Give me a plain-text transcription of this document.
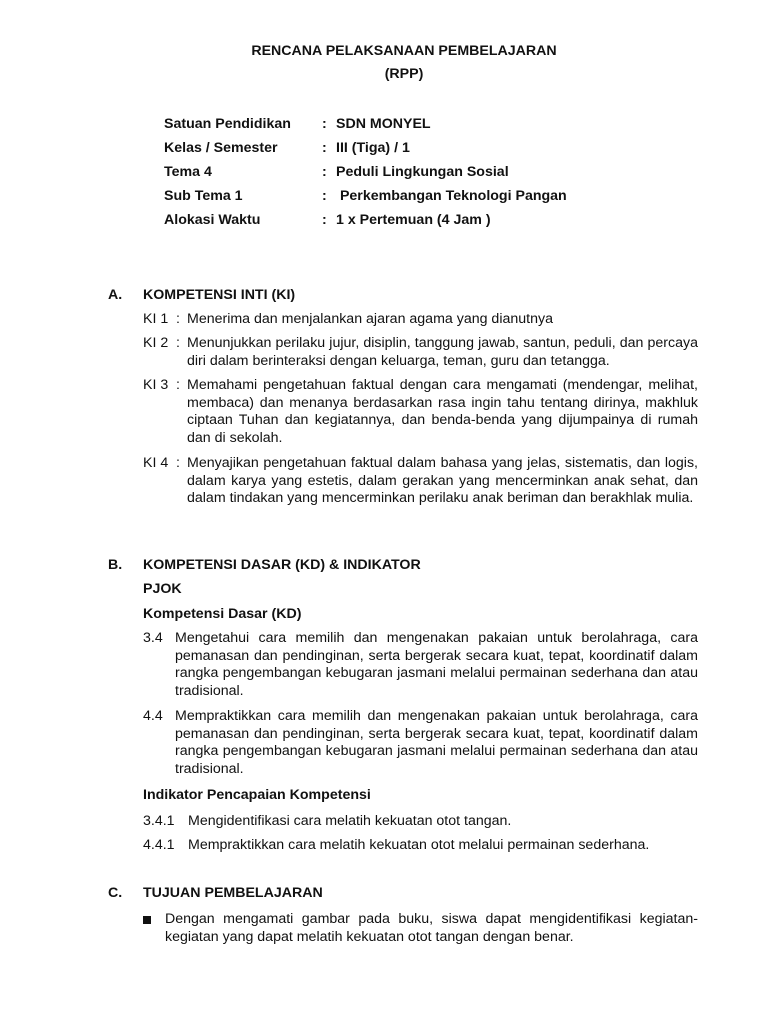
RENCANA PELAKSANAAN PEMBELAJARAN
(RPP)
Satuan Pendidikan : SDN MONYEL
Kelas / Semester	: III (Tiga) / 1
Tema 4	: Peduli Lingkungan Sosial
Sub Tema 1	: Perkembangan Teknologi Pangan
Alokasi Waktu	: 1 x Pertemuan (4 Jam )
A. KOMPETENSI INTI (KI)
KI 1 : Menerima dan menjalankan ajaran agama yang dianutnya
KI 2 : Menunjukkan perilaku jujur, disiplin, tanggung jawab, santun, peduli, dan percaya diri dalam berinteraksi dengan keluarga, teman, guru dan tetangga.
KI 3 : Memahami pengetahuan faktual dengan cara mengamati (mendengar, melihat, membaca) dan menanya berdasarkan rasa ingin tahu tentang dirinya, makhluk ciptaan Tuhan dan kegiatannya, dan benda-benda yang dijumpainya di rumah dan di sekolah.
KI 4 : Menyajikan pengetahuan faktual dalam bahasa yang jelas, sistematis, dan logis, dalam karya yang estetis, dalam gerakan yang mencerminkan anak sehat, dan dalam tindakan yang mencerminkan perilaku anak beriman dan berakhlak mulia.
B. KOMPETENSI DASAR (KD) & INDIKATOR
PJOK
Kompetensi Dasar (KD)
3.4 Mengetahui cara memilih dan mengenakan pakaian untuk berolahraga, cara pemanasan dan pendinginan, serta bergerak secara kuat, tepat, koordinatif dalam rangka pengembangan kebugaran jasmani melalui permainan sederhana dan atau tradisional.
4.4 Mempraktikkan cara memilih dan mengenakan pakaian untuk berolahraga, cara pemanasan dan pendinginan, serta bergerak secara kuat, tepat, koordinatif dalam rangka pengembangan kebugaran jasmani melalui permainan sederhana dan atau tradisional.
Indikator Pencapaian Kompetensi
3.4.1 Mengidentifikasi cara melatih kekuatan otot tangan.
4.4.1 Mempraktikkan cara melatih kekuatan otot melalui permainan sederhana.
C. TUJUAN PEMBELAJARAN
Dengan mengamati gambar pada buku, siswa dapat mengidentifikasi kegiatan-kegiatan yang dapat melatih kekuatan otot tangan dengan benar.
